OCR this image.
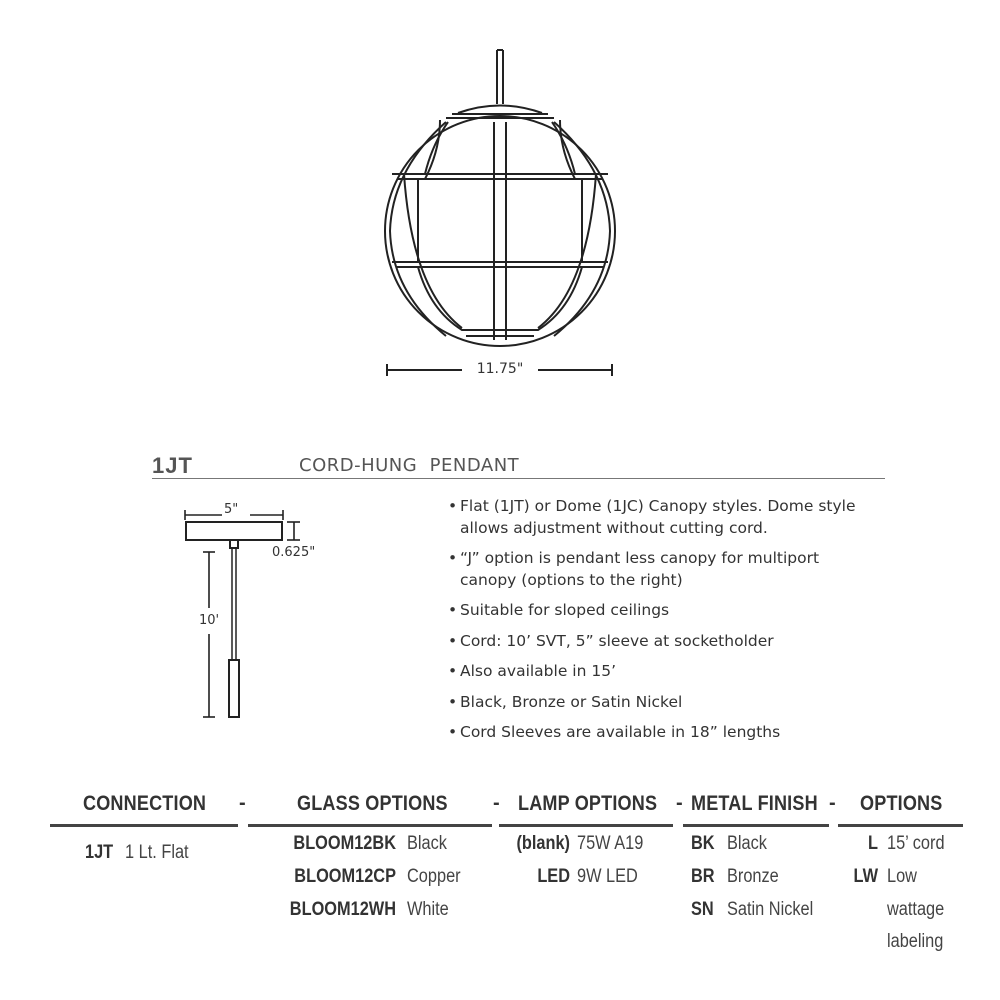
11.75"
1JT	CORD-HUNG  PENDANT
5"
0.625"
10'
• Flat (1JT) or Dome (1JC) Canopy styles. Dome style
allows adjustment without cutting cord.
• “J” option is pendant less canopy for multiport
canopy (options to the right)
• Suitable for sloped ceilings
• Cord: 10’ SVT, 5” sleeve at socketholder
• Also available in 15’
• Black, Bronze or Satin Nickel
• Cord Sleeves are available in 18” lengths
CONNECTION - GLASS OPTIONS - LAMP OPTIONS - METAL FINISH - OPTIONS
1JT 1 Lt. Flat	BLOOM12BK Black
BLOOM12CP Copper
BLOOM12WH White
(blank) 75W A19
LED 9W LED
BK Black
BR Bronze
SN Satin Nickel
L 15’ cord
LW Low
wattage
labeling
